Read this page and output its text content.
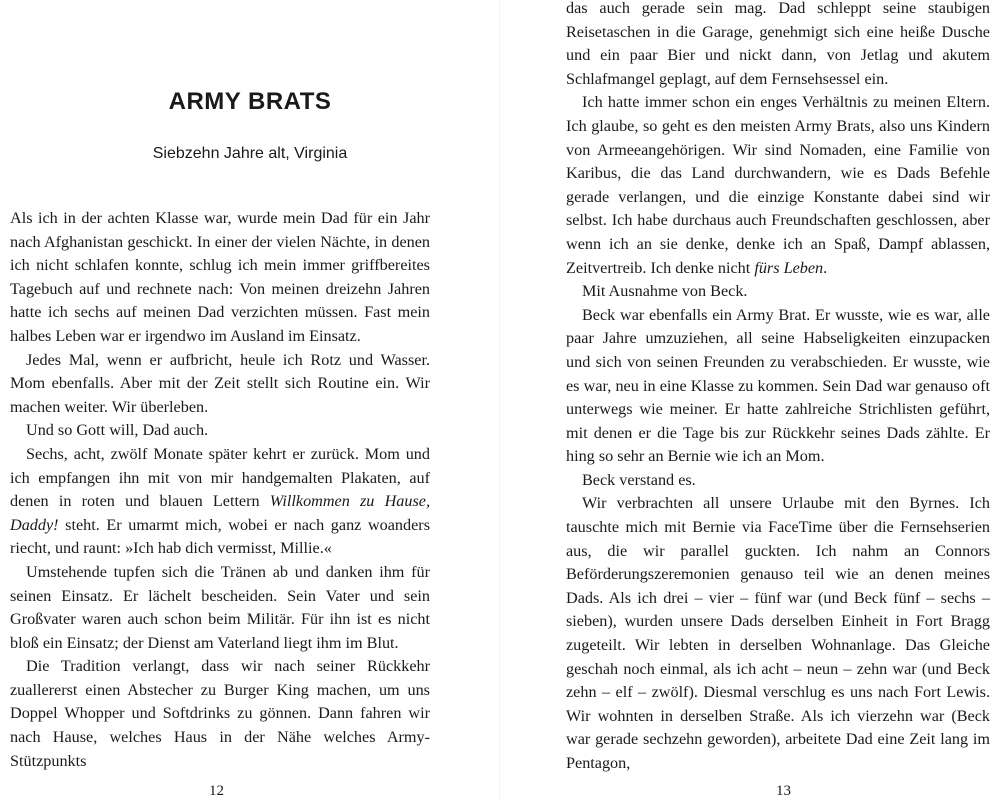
ARMY BRATS
Siebzehn Jahre alt, Virginia

Als ich in der achten Klasse war, wurde mein Dad für ein Jahr nach Afghanistan geschickt. In einer der vielen Nächte, in denen ich nicht schlafen konnte, schlug ich mein immer griffbereites Tagebuch auf und rechnete nach: Von meinen dreizehn Jahren hatte ich sechs auf meinen Dad verzichten müssen. Fast mein halbes Leben war er irgendwo im Ausland im Einsatz.

Jedes Mal, wenn er aufbricht, heule ich Rotz und Wasser. Mom ebenfalls. Aber mit der Zeit stellt sich Routine ein. Wir machen weiter. Wir überleben.

Und so Gott will, Dad auch.

Sechs, acht, zwölf Monate später kehrt er zurück. Mom und ich empfangen ihn mit von mir handgemalten Plakaten, auf denen in roten und blauen Lettern Willkommen zu Hause, Daddy! steht. Er umarmt mich, wobei er nach ganz woanders riecht, und raunt: »Ich hab dich vermisst, Millie.«

Umstehende tupfen sich die Tränen ab und danken ihm für seinen Einsatz. Er lächelt bescheiden. Sein Vater und sein Großvater waren auch schon beim Militär. Für ihn ist es nicht bloß ein Einsatz; der Dienst am Vaterland liegt ihm im Blut.

Die Tradition verlangt, dass wir nach seiner Rückkehr zuallererst einen Abstecher zu Burger King machen, um uns Doppel Whopper und Softdrinks zu gönnen. Dann fahren wir nach Hause, welches Haus in der Nähe welches Army-Stützpunkts

12

das auch gerade sein mag. Dad schleppt seine staubigen Reisetaschen in die Garage, genehmigt sich eine heiße Dusche und ein paar Bier und nickt dann, von Jetlag und akutem Schlafmangel geplagt, auf dem Fernsehsessel ein.

Ich hatte immer schon ein enges Verhältnis zu meinen Eltern. Ich glaube, so geht es den meisten Army Brats, also uns Kindern von Armeeangehörigen. Wir sind Nomaden, eine Familie von Karibus, die das Land durchwandern, wie es Dads Befehle gerade verlangen, und die einzige Konstante dabei sind wir selbst. Ich habe durchaus auch Freundschaften geschlossen, aber wenn ich an sie denke, denke ich an Spaß, Dampf ablassen, Zeitvertreib. Ich denke nicht fürs Leben.

Mit Ausnahme von Beck.

Beck war ebenfalls ein Army Brat. Er wusste, wie es war, alle paar Jahre umzuziehen, all seine Habseligkeiten einzupacken und sich von seinen Freunden zu verabschieden. Er wusste, wie es war, neu in eine Klasse zu kommen. Sein Dad war genauso oft unterwegs wie meiner. Er hatte zahlreiche Strichlisten geführt, mit denen er die Tage bis zur Rückkehr seines Dads zählte. Er hing so sehr an Bernie wie ich an Mom.

Beck verstand es.

Wir verbrachten all unsere Urlaube mit den Byrnes. Ich tauschte mich mit Bernie via FaceTime über die Fernsehserien aus, die wir parallel guckten. Ich nahm an Connors Beförderungszeremonien genauso teil wie an denen meines Dads. Als ich drei – vier – fünf war (und Beck fünf – sechs – sieben), wurden unsere Dads derselben Einheit in Fort Bragg zugeteilt. Wir lebten in derselben Wohnanlage. Das Gleiche geschah noch einmal, als ich acht – neun – zehn war (und Beck zehn – elf – zwölf). Diesmal verschlug es uns nach Fort Lewis. Wir wohnten in derselben Straße. Als ich vierzehn war (Beck war gerade sechzehn geworden), arbeitete Dad eine Zeit lang im Pentagon,

13
